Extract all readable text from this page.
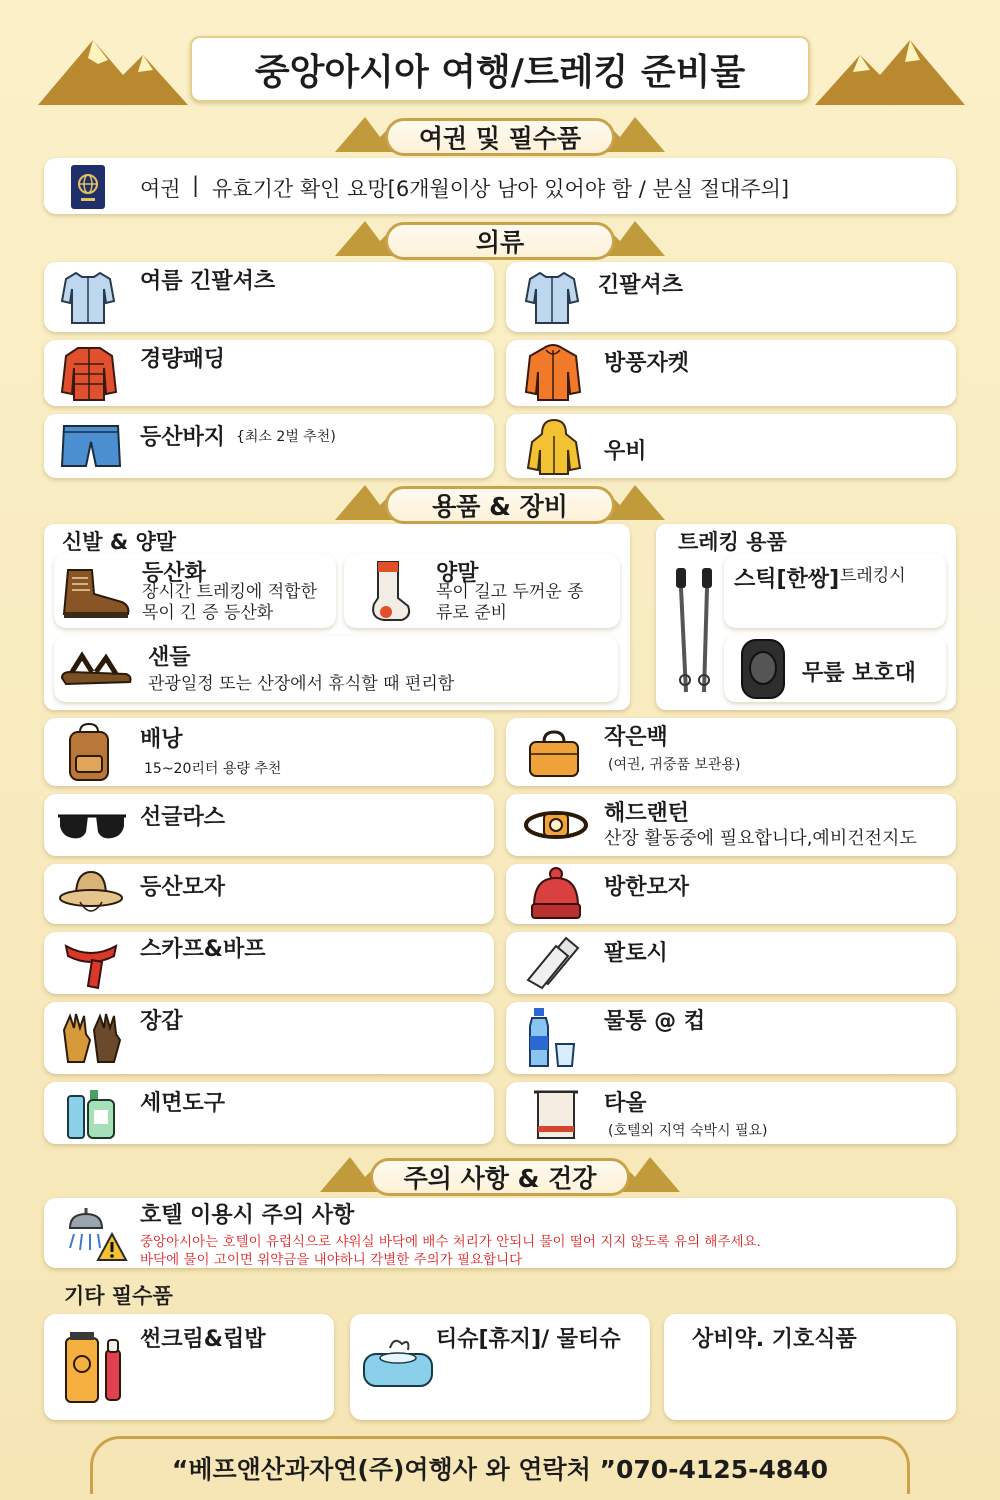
중앙아시아 여행/트레킹 준비물
여권 및 필수품
여권 | 유효기간 확인 요망[6개월이상 남아 있어야 함 / 분실 절대주의]
의류
여름 긴팔셔츠	긴팔셔츠
경량패딩	방풍자켓
등산바지 {최소 2벌 추천)
우비
용품 & 장비
신발 & 양말
등산화
장시간 트레킹에 적합한 목이 긴 증 등산화
양말
목이 길고 두꺼운 종류로 준비
샌들
관광일정 또는 산장에서 휴식할 때 편리함
트레킹 용품
스틱[한쌍] 트레킹시
무릎 보호대
배낭
15~20리터 용량 추천
작은백
(여권, 귀중품 보관용)
선글라스	해드랜턴
산장 활동중에 필요합니다,예비건전지도
등산모자	방한모자
스카프&바프	팔토시
장갑	물통 @ 컵
세면도구	타올
(호텔외 지역 숙박시 필요)
주의 사항 & 건강
호텔 이용시 주의 사항
중앙아시아는 호텔이 유럽식으로 샤워실 바닥에 배수 처리가 안되니 물이 떨어 지지 않도록 유의 해주세요.
바닥에 물이 고이면 위약금을 내야하니 각별한 주의가 필요합니다
기타 필수품
썬크림&립밥	티슈[휴지]/ 물티슈	상비약. 기호식품
“베프앤산과자연(주)여행사 와 연락처 ”070-4125-4840
